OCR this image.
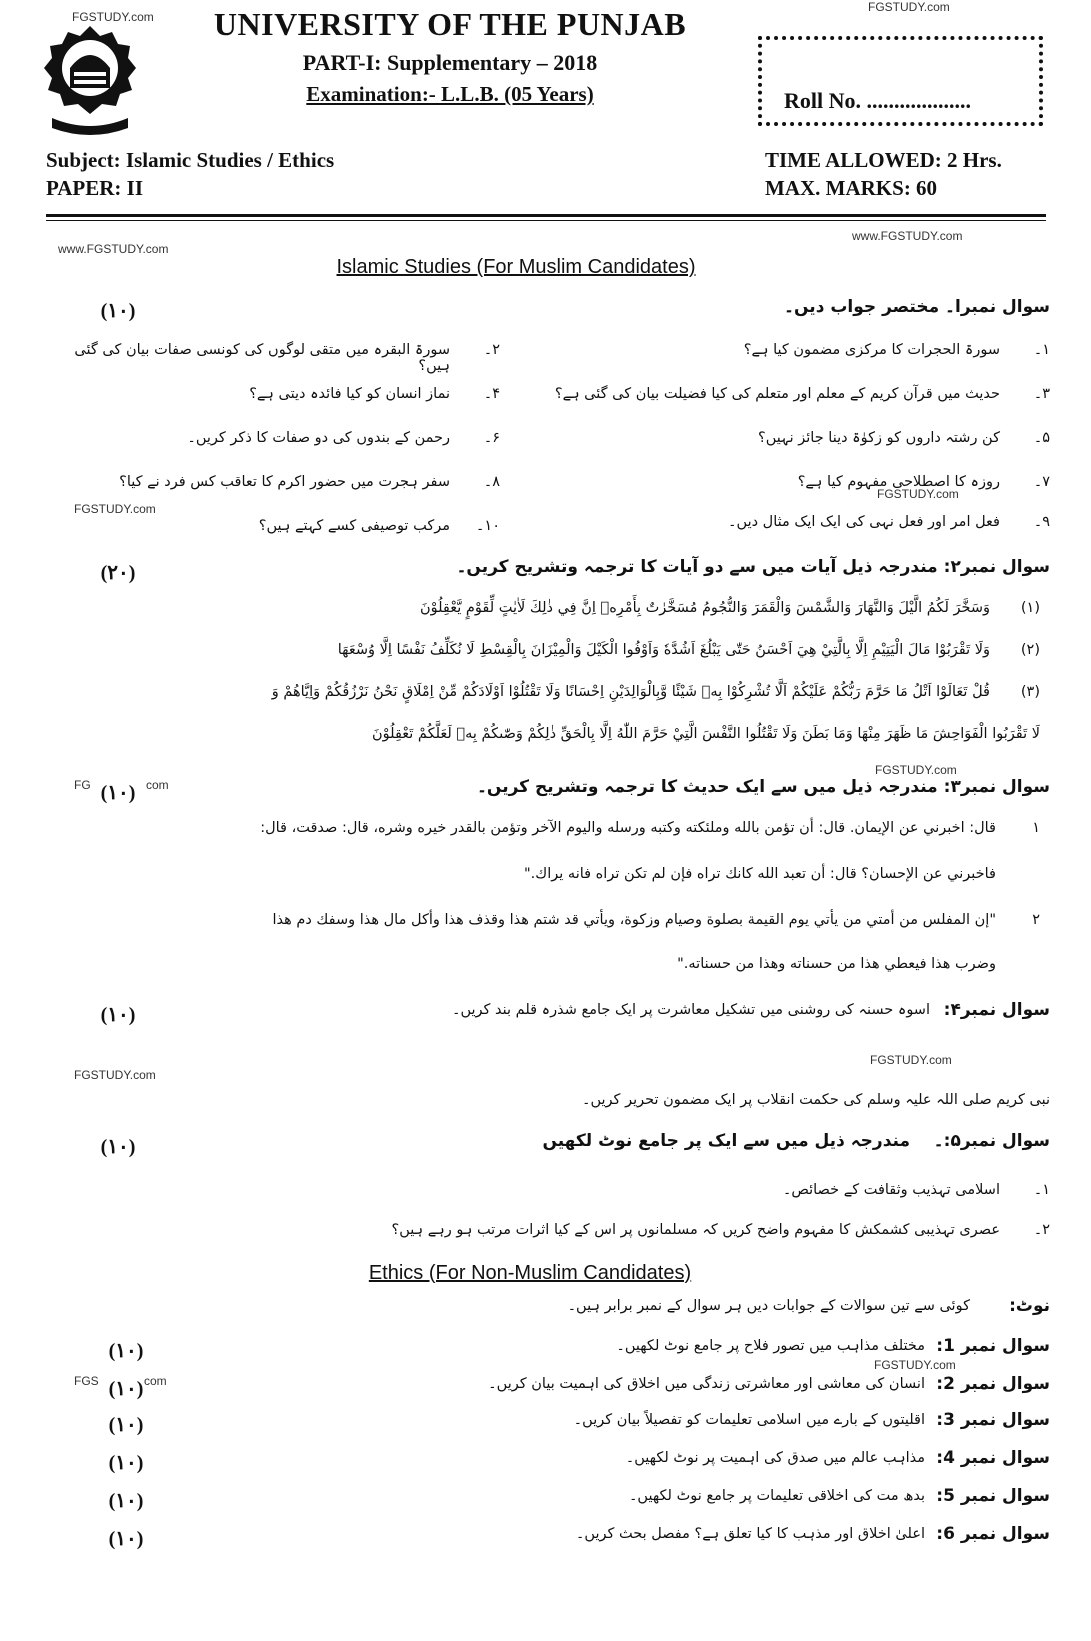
FGSTUDY.com
FGSTUDY.com
www.FGSTUDY.com
www.FGSTUDY.com
FGSTUDY.com
FGSTUDY.com
FGSTUDY.com
FG	com
FGSTUDY.com
FGSTUDY.com
FGS	com
FGSTUDY.com
UNIVERSITY OF THE PUNJAB
PART-I: Supplementary – 2018
Examination:- L.L.B. (05 Years)	Roll No. ...................
Subject: Islamic Studies / Ethics
PAPER: II
TIME ALLOWED: 2 Hrs.
MAX. MARKS: 60
Islamic Studies (For Muslim Candidates)
سوال نمبرا۔ مختصر جواب دیں۔
(۱۰)
۱۔
سورۃ الحجرات کا مرکزی مضمون کیا ہے؟
۲۔
سورۃ البقرہ میں متقی لوگوں کی کونسی صفات بیان کی گئی ہیں؟
۳۔
حدیث میں قرآن کریم کے معلم اور متعلم کی کیا فضیلت بیان کی گئی ہے؟
۴۔
نماز انسان کو کیا فائدہ دیتی ہے؟
۵۔
کن رشتہ داروں کو زکوٰۃ دینا جائز نہیں؟
۶۔
رحمن کے بندوں کی دو صفات کا ذکر کریں۔
۷۔
روزہ کا اصطلاحی مفہوم کیا ہے؟
۸۔
سفر ہجرت میں حضور اکرم کا تعاقب کس فرد نے کیا؟
۹۔
فعل امر اور فعل نہی کی ایک ایک مثال دیں۔
۱۰۔
مرکب توصیفی کسے کہتے ہیں؟
سوال نمبر۲: مندرجہ ذیل آیات میں سے دو آیات کا ترجمہ وتشریح کریں۔
(۲۰)
(۱)
وَسَخَّرَ لَكُمُ الَّيْلَ وَالنَّهَارَ وَالشَّمْسَ وَالْقَمَرَ وَالنُّجُومُ مُسَخَّرٰتٌ بِأَمْرِهٖ اِنَّ فِي ذٰلِكَ لَاٰيٰتٍ لِّقَوْمٍ يَّعْقِلُوْنَ
(۲)
وَلَا تَقْرَبُوْا مَالَ الْيَتِيْمِ اِلَّا بِالَّتِيْ هِيَ اَحْسَنُ حَتّٰى يَبْلُغَ اَشُدَّهٗ وَاَوْفُوا الْكَيْلَ وَالْمِيْزَانَ بِالْقِسْطِ لَا نُكَلِّفُ نَفْسًا اِلَّا وُسْعَهَا
(۳)
قُلْ تَعَالَوْا اَتْلُ مَا حَرَّمَ رَبُّكُمْ عَلَيْكُمْ اَلَّا تُشْرِكُوْا بِهٖ شَيْئًا وَّبِالْوَالِدَيْنِ اِحْسَانًا وَلَا تَقْتُلُوْا اَوْلَادَكُمْ مِّنْ اِمْلَاقٍ نَحْنُ نَرْزُقُكُمْ وَاِيَّاهُمْ وَ
لَا تَقْرَبُوا الْفَوَاحِشَ مَا ظَهَرَ مِنْهَا وَمَا بَطَنَ وَلَا تَقْتُلُوا النَّفْسَ الَّتِيْ حَرَّمَ اللّٰهُ اِلَّا بِالْحَقِّ ذٰلِكُمْ وَصّٰىكُمْ بِهٖ لَعَلَّكُمْ تَعْقِلُوْنَ
سوال نمبر۳: مندرجہ ذیل میں سے ایک حدیث کا ترجمہ وتشریح کریں۔
(۱۰)
۱
قال: اخبرني عن الإيمان. قال: أن تؤمن بالله وملئكته وكتبه ورسله واليوم الآخر وتؤمن بالقدر خيره وشره، قال: صدقت، قال:
فاخبرني عن الإحسان؟ قال: أن تعبد الله كانك تراه فإن لم تكن تراه فانه يراك."
۲
"إن المفلس من أمتي من يأتي يوم القيمة بصلوة وصيام وزكوة، ويأتي قد شتم هذا وقذف هذا وأكل مال هذا وسفك دم هذا
وضرب هذا فيعطي هذا من حسناته وهذا من حسناته."
سوال نمبر۴:
اسوہ حسنہ کی روشنی میں تشکیل معاشرت پر ایک جامع شذرہ قلم بند کریں۔
(۱۰)
نبی کریم صلی اللہ علیہ وسلم کی حکمت انقلاب پر ایک مضمون تحریر کریں۔
سوال نمبر۵:۔
مندرجہ ذیل میں سے ایک پر جامع نوٹ لکھیں
(۱۰)
۱۔
اسلامی تہذیب وثقافت کے خصائص۔
۲۔
عصری تہذیبی کشمکش کا مفہوم واضح کریں کہ مسلمانوں پر اس کے کیا اثرات مرتب ہو رہے ہیں؟
Ethics (For Non-Muslim Candidates)
نوٹ:
کوئی سے تین سوالات کے جوابات دیں ہر سوال کے نمبر برابر ہیں۔
سوال نمبر 1:
مختلف مذاہب میں تصور فلاح پر جامع نوٹ لکھیں۔
(۱۰)
سوال نمبر 2:
انسان کی معاشی اور معاشرتی زندگی میں اخلاق کی اہمیت بیان کریں۔
(۱۰)
سوال نمبر 3:
اقلیتوں کے بارے میں اسلامی تعلیمات کو تفصیلاً بیان کریں۔
(۱۰)
سوال نمبر 4:
مذاہب عالم میں صدق کی اہمیت پر نوٹ لکھیں۔
(۱۰)
سوال نمبر 5:
بدھ مت کی اخلاقی تعلیمات پر جامع نوٹ لکھیں۔
(۱۰)
سوال نمبر 6:
اعلیٰ اخلاق اور مذہب کا کیا تعلق ہے؟ مفصل بحث کریں۔
(۱۰)
